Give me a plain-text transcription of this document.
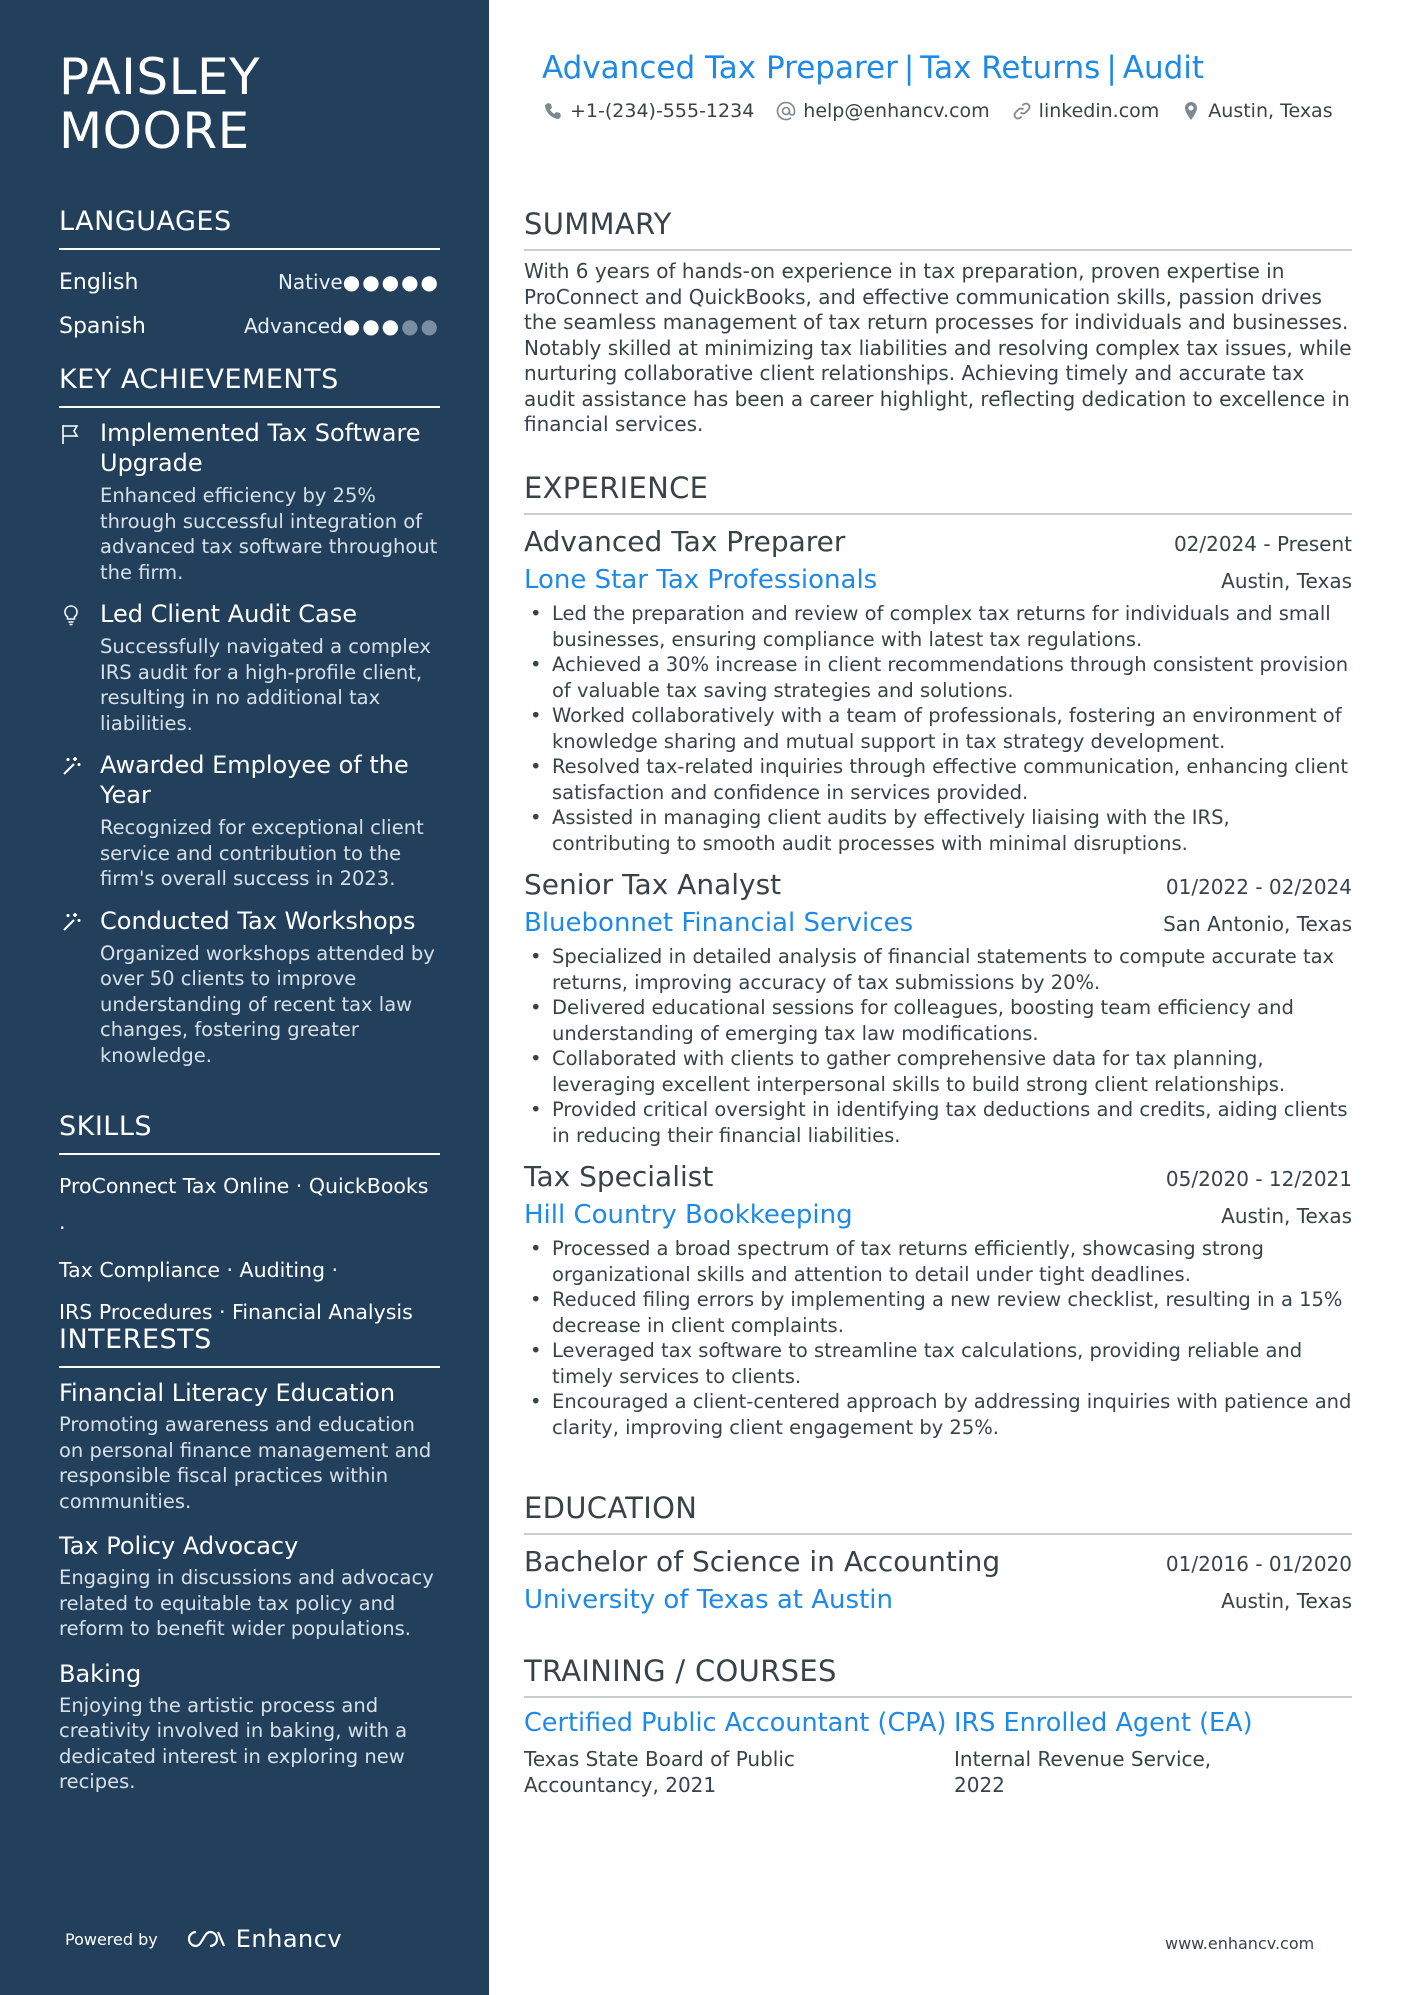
PAISLEY
MOORE
LANGUAGES
English	Native ●●●●●
Spanish	Advanced ●●●●●
KEY ACHIEVEMENTS
Implemented Tax Software Upgrade
Enhanced efficiency by 25% through successful integration of advanced tax software throughout the firm.
Led Client Audit Case
Successfully navigated a complex IRS audit for a high-profile client, resulting in no additional tax liabilities.
Awarded Employee of the Year
Recognized for exceptional client service and contribution to the firm's overall success in 2023.
Conducted Tax Workshops
Organized workshops attended by over 50 clients to improve understanding of recent tax law changes, fostering greater knowledge.
SKILLS
ProConnect Tax Online · QuickBooks ·
Tax Compliance · Auditing ·
IRS Procedures · Financial Analysis
INTERESTS
Financial Literacy Education
Promoting awareness and education on personal finance management and responsible fiscal practices within communities.
Tax Policy Advocacy
Engaging in discussions and advocacy related to equitable tax policy and reform to benefit wider populations.
Baking
Enjoying the artistic process and creativity involved in baking, with a dedicated interest in exploring new recipes.
Powered by	Enhancv
Advanced Tax Preparer | Tax Returns | Audit
+1-(234)-555-1234	help@enhancv.com	linkedin.com	Austin, Texas
SUMMARY
With 6 years of hands-on experience in tax preparation, proven expertise in ProConnect and QuickBooks, and effective communication skills, passion drives the seamless management of tax return processes for individuals and businesses. Notably skilled at minimizing tax liabilities and resolving complex tax issues, while nurturing collaborative client relationships. Achieving timely and accurate tax audit assistance has been a career highlight, reflecting dedication to excellence in financial services.
EXPERIENCE
Advanced Tax Preparer	02/2024 - Present
Lone Star Tax Professionals	Austin, Texas
• Led the preparation and review of complex tax returns for individuals and small businesses, ensuring compliance with latest tax regulations.
• Achieved a 30% increase in client recommendations through consistent provision of valuable tax saving strategies and solutions.
• Worked collaboratively with a team of professionals, fostering an environment of knowledge sharing and mutual support in tax strategy development.
• Resolved tax-related inquiries through effective communication, enhancing client satisfaction and confidence in services provided.
• Assisted in managing client audits by effectively liaising with the IRS, contributing to smooth audit processes with minimal disruptions.
Senior Tax Analyst	01/2022 - 02/2024
Bluebonnet Financial Services	San Antonio, Texas
• Specialized in detailed analysis of financial statements to compute accurate tax returns, improving accuracy of tax submissions by 20%.
• Delivered educational sessions for colleagues, boosting team efficiency and understanding of emerging tax law modifications.
• Collaborated with clients to gather comprehensive data for tax planning, leveraging excellent interpersonal skills to build strong client relationships.
• Provided critical oversight in identifying tax deductions and credits, aiding clients in reducing their financial liabilities.
Tax Specialist	05/2020 - 12/2021
Hill Country Bookkeeping	Austin, Texas
• Processed a broad spectrum of tax returns efficiently, showcasing strong organizational skills and attention to detail under tight deadlines.
• Reduced filing errors by implementing a new review checklist, resulting in a 15% decrease in client complaints.
• Leveraged tax software to streamline tax calculations, providing reliable and timely services to clients.
• Encouraged a client-centered approach by addressing inquiries with patience and clarity, improving client engagement by 25%.
EDUCATION
Bachelor of Science in Accounting	01/2016 - 01/2020
University of Texas at Austin	Austin, Texas
TRAINING / COURSES
Certified Public Accountant (CPA)
Texas State Board of Public Accountancy, 2021
IRS Enrolled Agent (EA)
Internal Revenue Service, 2022
www.enhancv.com
